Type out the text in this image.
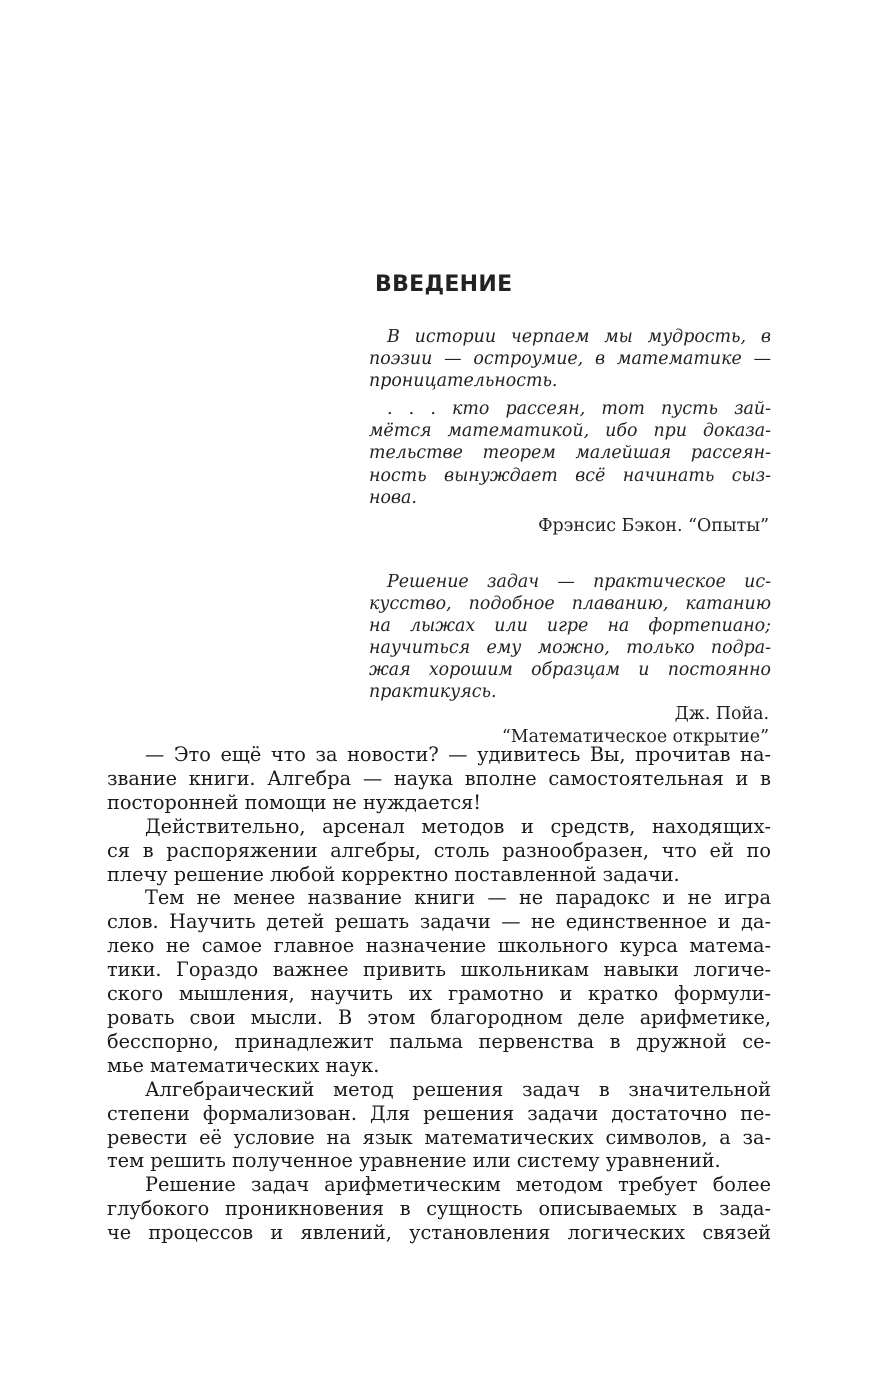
ВВЕДЕНИЕ
В истории черпаем мы мудрость, в
поэзии — остроумие, в математике —
проницательность.
. . . кто рассеян, тот пусть зай-
мётся математикой, ибо при доказа-
тельстве теорем малейшая рассеян-
ность вынуждает всё начинать сыз-
нова.

Фрэнсис Бэкон. “Опыты”

Решение задач — практическое ис-
кусство, подобное плаванию, катанию
на лыжах или игре на фортепиано;
научиться ему можно, только подра-
жая хорошим образцам и постоянно
практикуясь.

Дж. Пойа.

“Математическое открытие”

— Это ещё что за новости? — удивитесь Вы, прочитав на-
звание книги. Алгебра — наука вполне самостоятельная и в
посторонней помощи не нуждается!
Действительно, арсенал методов и средств, находящих-
ся в распоряжении алгебры, столь разнообразен, что ей по
плечу решение любой корректно поставленной задачи.
Тем не менее название книги — не парадокс и не игра
слов. Научить детей решать задачи — не единственное и да-
леко не самое главное назначение школьного курса матема-
тики. Гораздо важнее привить школьникам навыки логиче-
ского мышления, научить их грамотно и кратко формули-
ровать свои мысли. В этом благородном деле арифметике,
бесспорно, принадлежит пальма первенства в дружной се-
мье математических наук.
Алгебраический метод решения задач в значительной
степени формализован. Для решения задачи достаточно пе-
ревести её условие на язык математических символов, а за-
тем решить полученное уравнение или систему уравнений.
Решение задач арифметическим методом требует более
глубокого проникновения в сущность описываемых в зада-
че процессов и явлений, установления логических связей
